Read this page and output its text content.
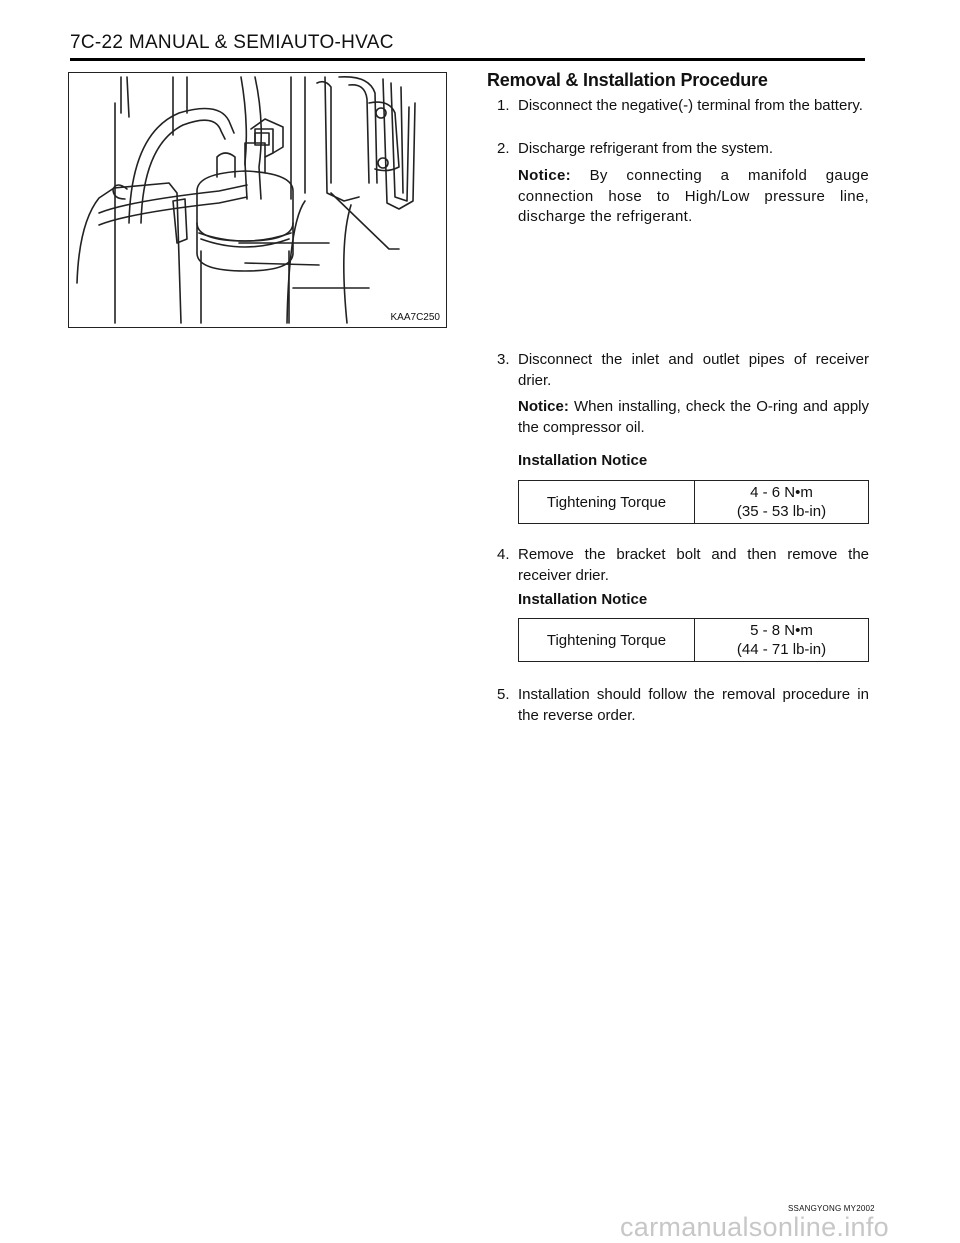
7C-22 MANUAL & SEMIAUTO-HVAC
KAA7C250
Removal & Installation Procedure
1. Disconnect the negative(-) terminal from the battery.
2. Discharge refrigerant from the system.
Notice: By connecting a manifold gauge connection hose to High/Low pressure line, discharge the refrigerant.
3. Disconnect the inlet and outlet pipes of receiver drier.
Notice: When installing, check the O-ring and apply the compressor oil.
Installation Notice
Tightening Torque
4 - 6 N•m
(35 - 53 lb-in)
4. Remove the bracket bolt and then remove the receiver drier.
Installation Notice
Tightening Torque
5 - 8 N•m
(44 - 71 lb-in)
5. Installation should follow the removal procedure in the reverse order.
SSANGYONG MY2002
carmanualsonline.info
